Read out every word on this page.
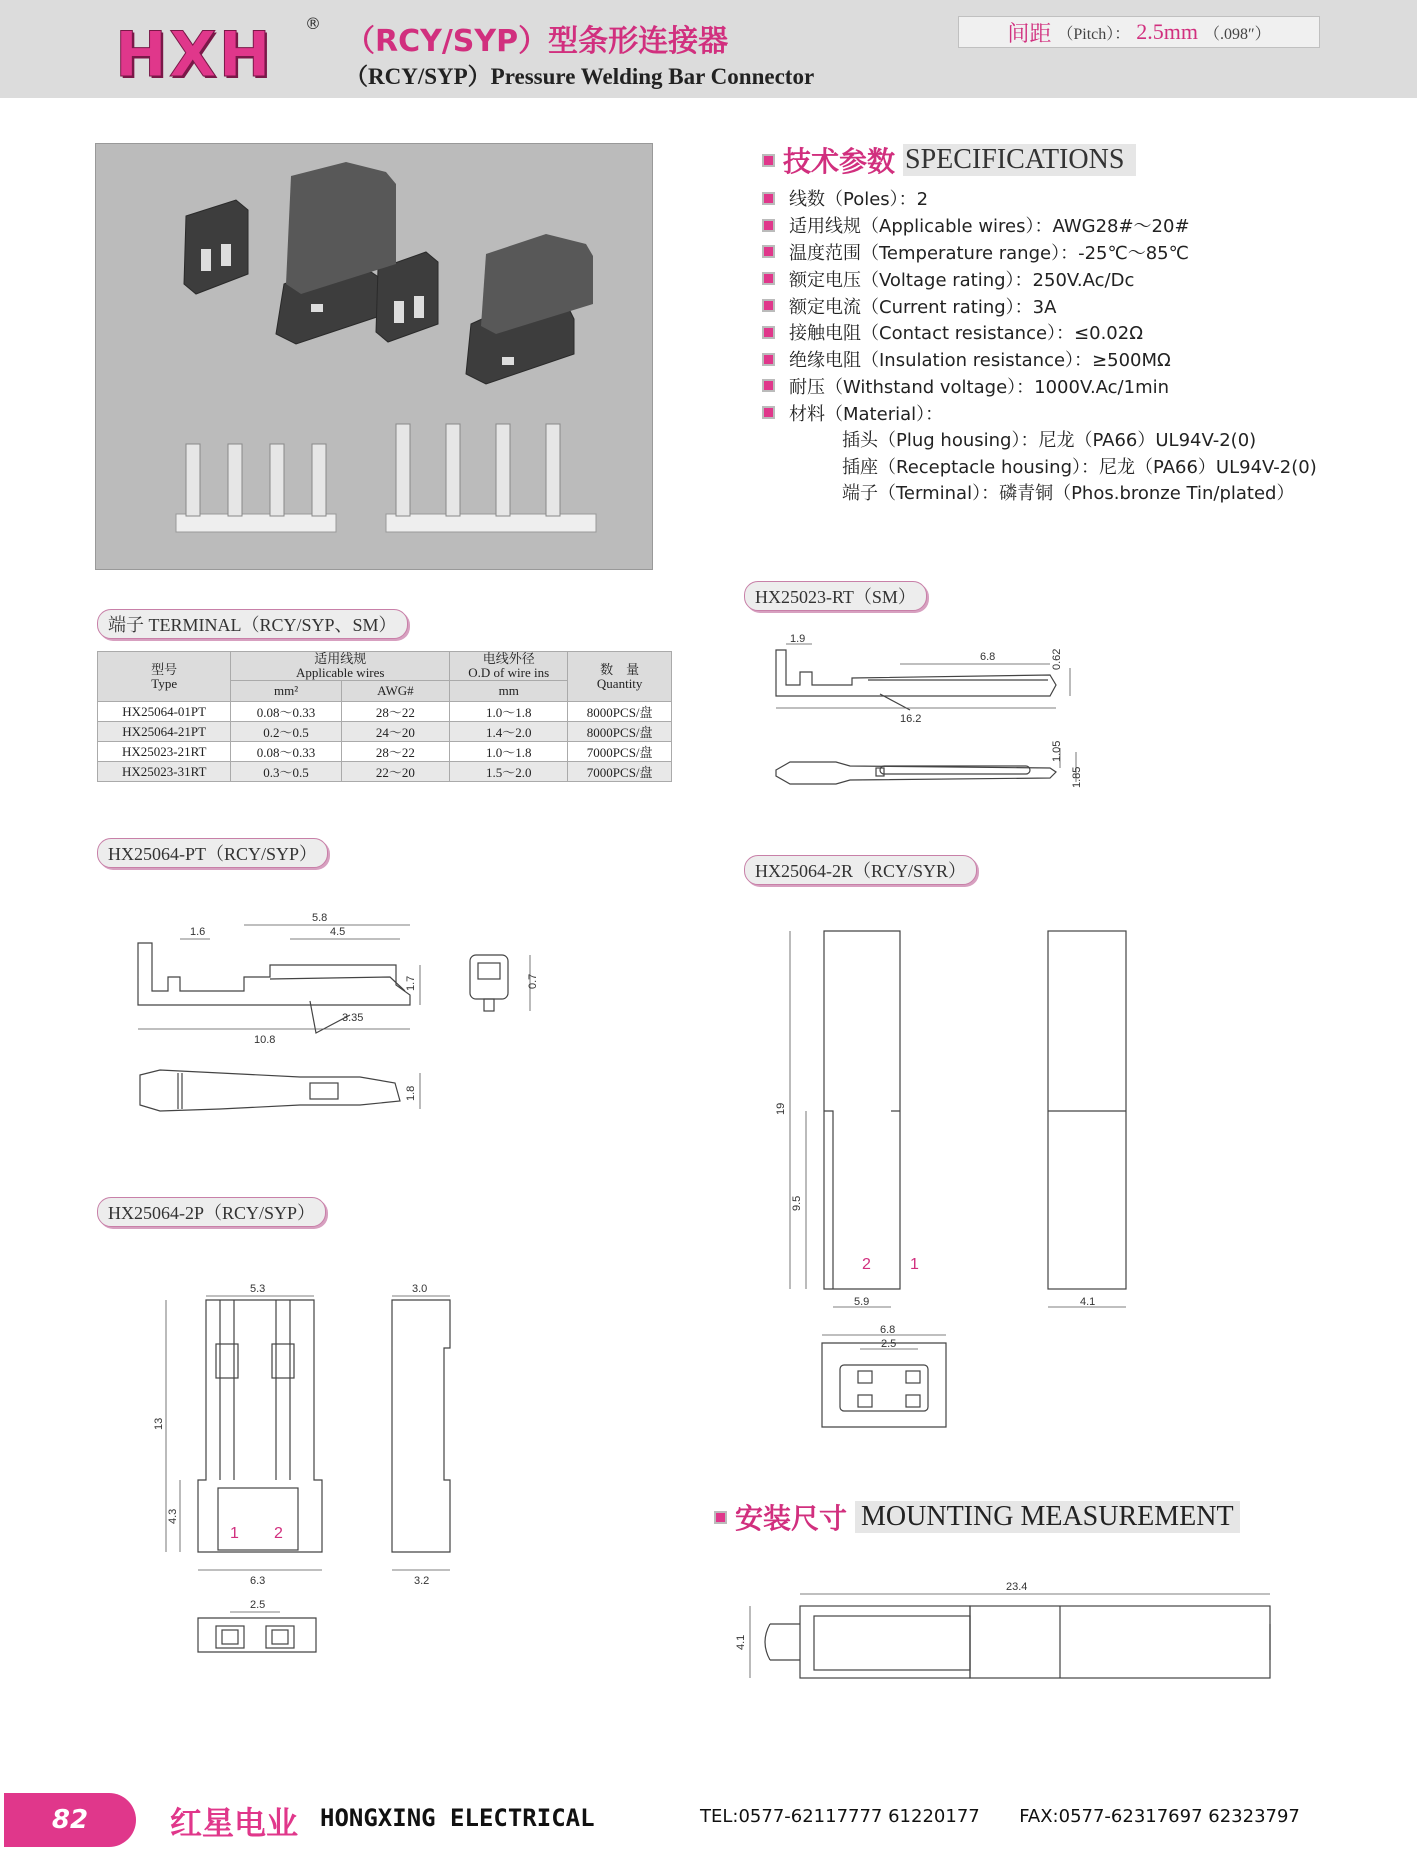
HXH ®
（RCY/SYP）型条形连接器
（RCY/SYP）Pressure Welding Bar Connector
间距 （Pitch）： 2.5mm （.098″）
技术参数 SPECIFICATIONS
线数（Poles）：2
适用线规（Applicable wires）：AWG28#～20#
温度范围（Temperature range）：-25℃～85℃
额定电压（Voltage rating）：250V.Ac/Dc
额定电流（Current rating）：3A
接触电阻（Contact resistance）：≤0.02Ω
绝缘电阻（Insulation resistance）：≥500MΩ
耐压（Withstand voltage）：1000V.Ac/1min
材料（Material）：
插头（Plug housing）：尼龙（PA66）UL94V-2(0)
插座（Receptacle housing）：尼龙（PA66）UL94V-2(0)
端子（Terminal）：磷青铜（Phos.bronze Tin/plated）
端子 TERMINAL（RCY/SYP、SM）
HX25023-RT（SM）
HX25064-PT（RCY/SYP）
HX25064-2R（RCY/SYR）
HX25064-2P（RCY/SYP）
型号
Type	适用线规
Applicable wires		电线外径
O.D of wire ins	数　量
Quantity
	mm²	AWG#	mm	
HX25064-01PT	0.08～0.33	28～22	1.0～1.8	8000PCS/盘
HX25064-21PT	0.2～0.5	24～20	1.4～2.0	8000PCS/盘
HX25023-21RT	0.08～0.33	28～22	1.0～1.8	7000PCS/盘
HX25023-31RT	0.3～0.5	22～20	1.5～2.0	7000PCS/盘
1.9
6.8	0.62
16.2
1.05
1.85
5.8
1.6	4.5
1.7	0.7
3.35
10.8
1.8
19
9.5
5.9	4.1
6.8
2.5
2 1
5.3	3.0
13
4.3
6.3	3.2
2.5
1 2	安装尺寸 MOUNTING MEASUREMENT
23.4
4.1
82	红星电业 HONGXING ELECTRICAL	TEL:0577-62117777 61220177 FAX:0577-62317697 62323797
